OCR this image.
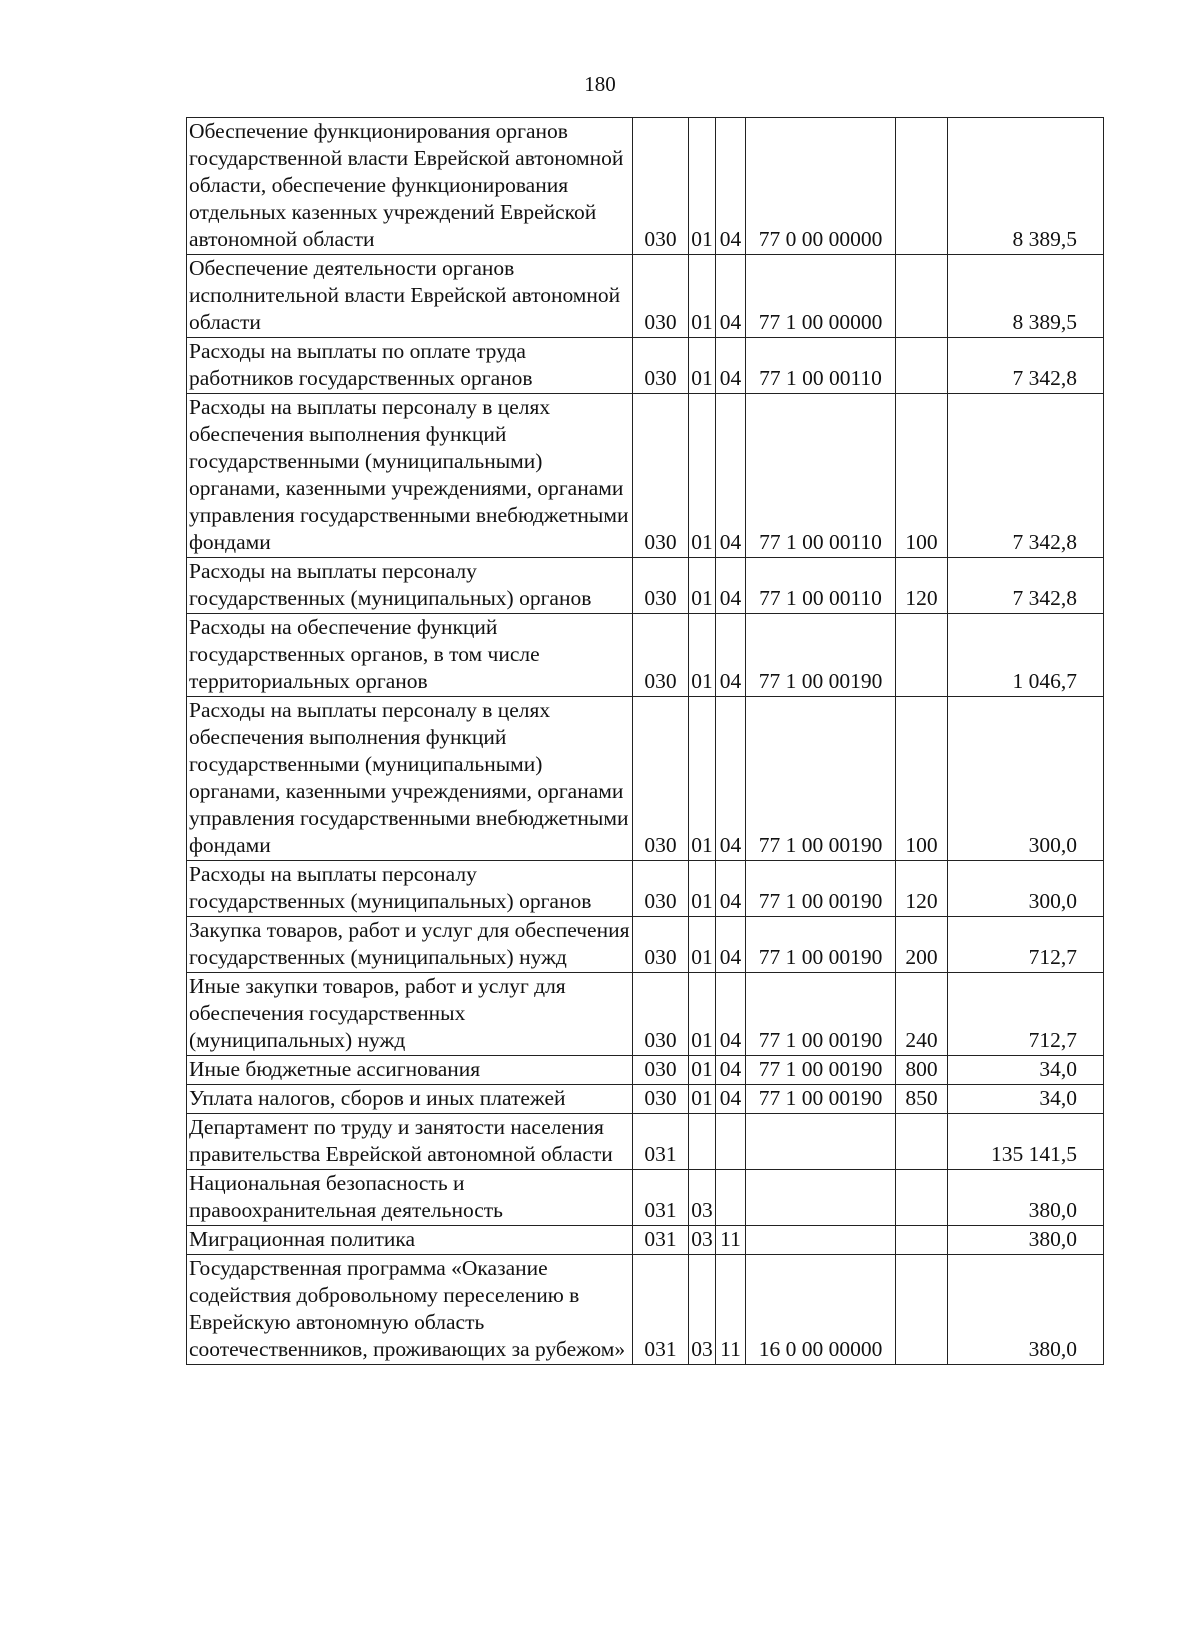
180
Обеспечение функционирования органов государственной власти Еврейской автономной области, обеспечение функционирования отдельных казенных учреждений Еврейской автономной области	030	01	04	77 0 00 00000		8 389,5
Обеспечение деятельности органов исполнительной власти Еврейской автономной области	030	01	04	77 1 00 00000		8 389,5
Расходы на выплаты по оплате труда работников государственных органов	030	01	04	77 1 00 00110		7 342,8
Расходы на выплаты персоналу в целях обеспечения выполнения функций государственными (муниципальными) органами, казенными учреждениями, органами управления государственными внебюджетными фондами	030	01	04	77 1 00 00110	100	7 342,8
Расходы на выплаты персоналу государственных (муниципальных) органов	030	01	04	77 1 00 00110	120	7 342,8
Расходы на обеспечение функций государственных органов, в том числе территориальных органов	030	01	04	77 1 00 00190		1 046,7
Расходы на выплаты персоналу в целях обеспечения выполнения функций государственными (муниципальными) органами, казенными учреждениями, органами управления государственными внебюджетными фондами	030	01	04	77 1 00 00190	100	300,0
Расходы на выплаты персоналу государственных (муниципальных) органов	030	01	04	77 1 00 00190	120	300,0
Закупка товаров, работ и услуг для обеспечения государственных (муниципальных) нужд	030	01	04	77 1 00 00190	200	712,7
Иные закупки товаров, работ и услуг для обеспечения государственных (муниципальных) нужд	030	01	04	77 1 00 00190	240	712,7
Иные бюджетные ассигнования	030	01	04	77 1 00 00190	800	34,0
Уплата налогов, сборов и иных платежей	030	01	04	77 1 00 00190	850	34,0
Департамент по труду и занятости населения правительства Еврейской автономной области	031					135 141,5
Национальная безопасность и правоохранительная деятельность	031	03				380,0
Миграционная политика	031	03	11			380,0
Государственная программа «Оказание содействия добровольному переселению в Еврейскую автономную область соотечественников, проживающих за рубежом»	031	03	11	16 0 00 00000		380,0
